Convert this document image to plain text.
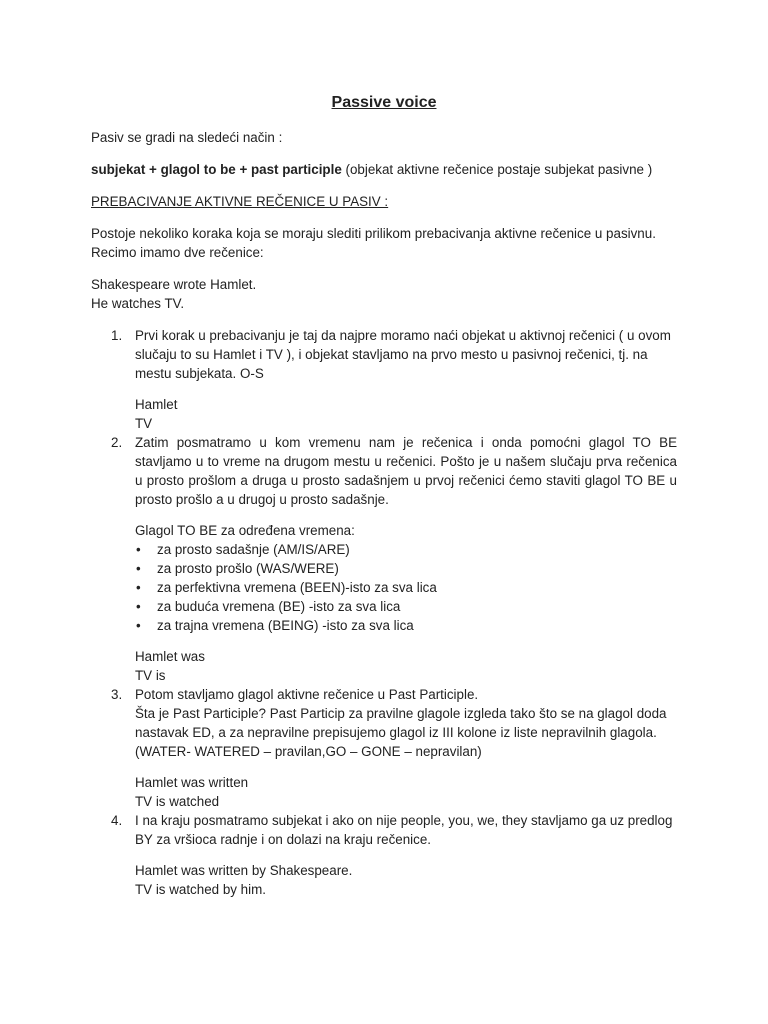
Passive voice

Pasiv se gradi na sledeći način :

subjekat + glagol to be + past participle (objekat aktivne rečenice postaje subjekat pasivne )

PREBACIVANJE AKTIVNE REČENICE U PASIV :

Postoje nekoliko koraka koja se moraju slediti prilikom prebacivanja aktivne rečenice u pasivnu.
Recimo imamo dve rečenice:
Shakespeare wrote Hamlet.
He watches TV.
1. Prvi korak u prebacivanju je taj da najpre moramo naći objekat u aktivnoj rečenici ( u ovom slučaju to su Hamlet i TV ), i objekat stavljamo na prvo mesto u pasivnoj rečenici, tj. na mestu subjekata. O-S
Hamlet
TV
2. Zatim posmatramo u kom vremenu nam je rečenica i onda pomoćni glagol TO BE stavljamo u to vreme na drugom mestu u rečenici. Pošto je u našem slučaju prva rečenica u prosto prošlom a druga u prosto sadašnjem u prvoj rečenici ćemo staviti glagol TO BE u prosto prošlo a u drugoj u prosto sadašnje.
Glagol TO BE za određena vremena:
• za prosto sadašnje (AM/IS/ARE)
• za prosto prošlo (WAS/WERE)
• za perfektivna vremena (BEEN)-isto za sva lica
• za buduća vremena (BE) -isto za sva lica
• za trajna vremena (BEING) -isto za sva lica
Hamlet was
TV is
3. Potom stavljamo glagol aktivne rečenice u Past Participle.
Šta je Past Participle? Past Particip za pravilne glagole izgleda tako što se na glagol doda nastavak ED, a za nepravilne prepisujemo glagol iz III kolone iz liste nepravilnih glagola. (WATER- WATERED – pravilan,GO – GONE – nepravilan)
Hamlet was written
TV is watched
4. I na kraju posmatramo subjekat i ako on nije people, you, we, they stavljamo ga uz predlog BY za vršioca radnje i on dolazi na kraju rečenice.
Hamlet was written by Shakespeare.
TV is watched by him.
